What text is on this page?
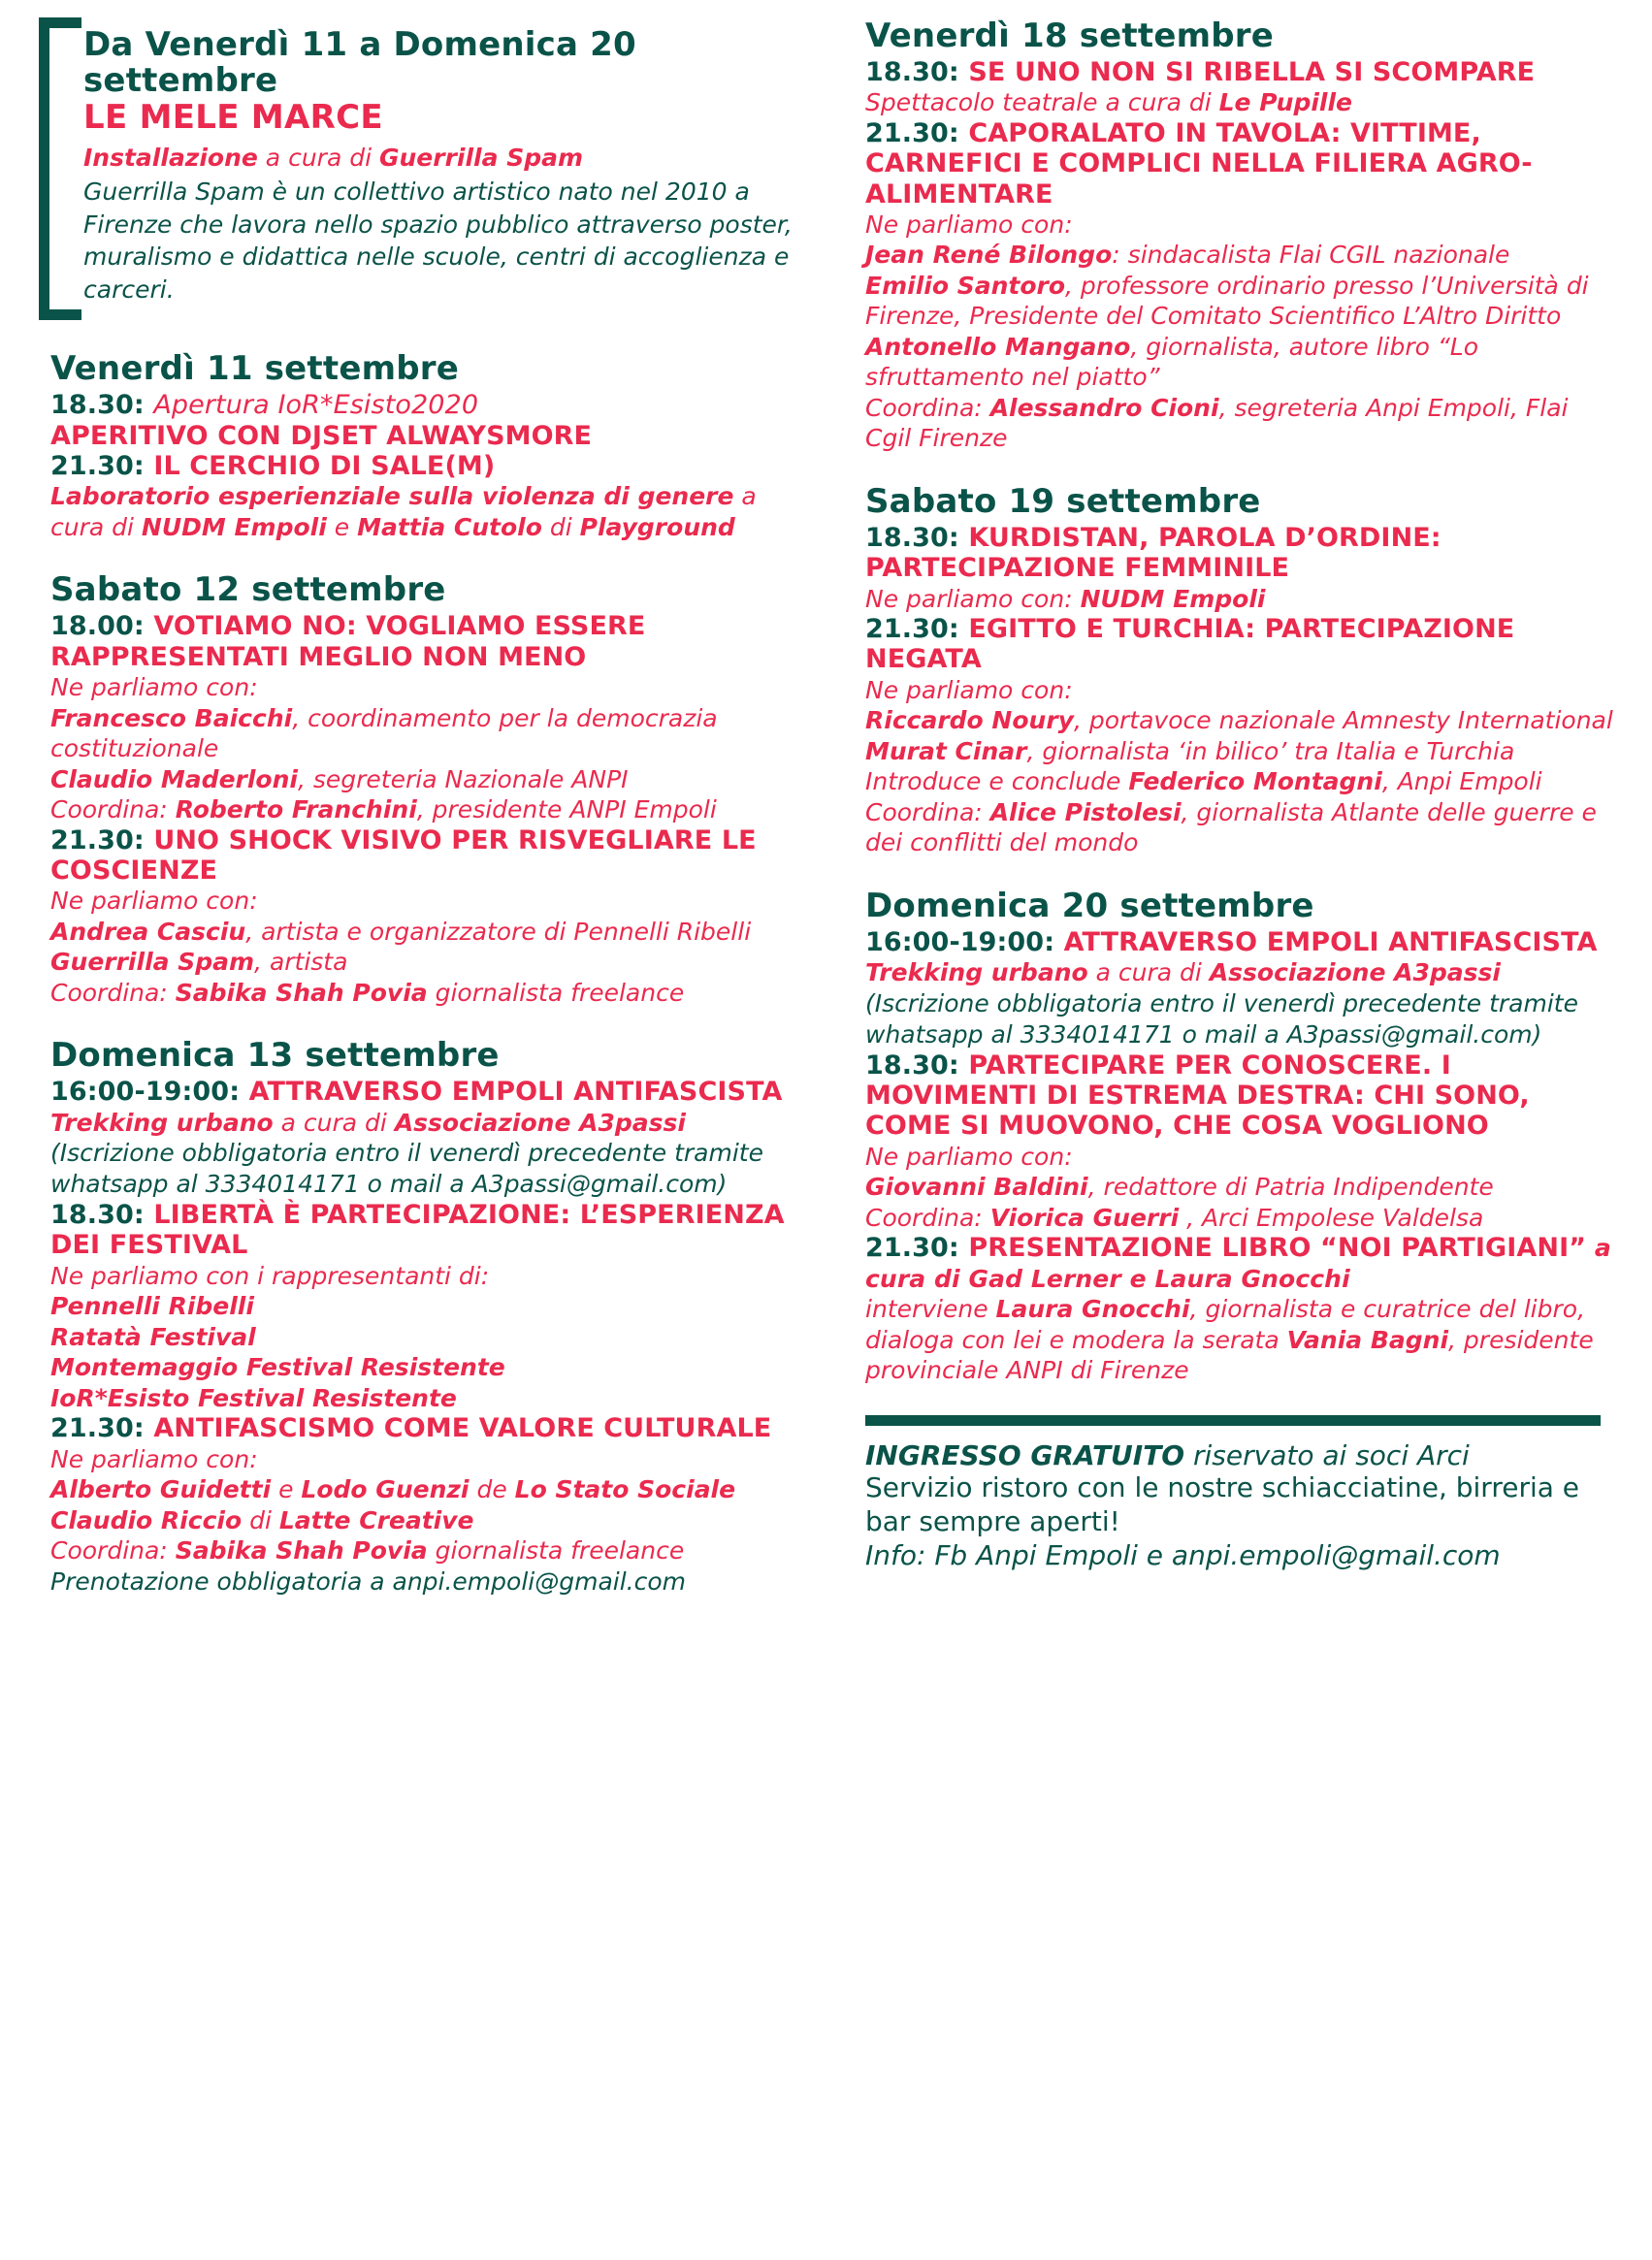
Da Venerdì 11 a Domenica 20 settembre
LE MELE MARCE
Installazione a cura di Guerrilla Spam
Guerrilla Spam è un collettivo artistico nato nel 2010 a Firenze che lavora nello spazio pubblico attraverso poster, muralismo e didattica nelle scuole, centri di accoglienza e carceri.
Venerdì 11 settembre
18.30: Apertura IoR*Esisto2020
APERITIVO CON DJSET ALWAYSMORE
21.30: IL CERCHIO DI SALE(M)
Laboratorio esperienziale sulla violenza di genere a cura di NUDM Empoli e Mattia Cutolo di Playground
Sabato 12 settembre
18.00: VOTIAMO NO: VOGLIAMO ESSERE RAPPRESENTATI MEGLIO NON MENO
Ne parliamo con:
Francesco Baicchi, coordinamento per la democrazia costituzionale
Claudio Maderloni, segreteria Nazionale ANPI
Coordina: Roberto Franchini, presidente ANPI Empoli
21.30: UNO SHOCK VISIVO PER RISVEGLIARE LE COSCIENZE
Ne parliamo con:
Andrea Casciu, artista e organizzatore di Pennelli Ribelli
Guerrilla Spam, artista
Coordina: Sabika Shah Povia giornalista freelance
Domenica 13 settembre
16:00-19:00: ATTRAVERSO EMPOLI ANTIFASCISTA
Trekking urbano a cura di Associazione A3passi
(Iscrizione obbligatoria entro il venerdì precedente tramite whatsapp al 3334014171 o mail a A3passi@gmail.com)
18.30: LIBERTÀ È PARTECIPAZIONE: L’ESPERIENZA DEI FESTIVAL
Ne parliamo con i rappresentanti di:
Pennelli Ribelli
Ratatà Festival
Montemaggio Festival Resistente
IoR*Esisto Festival Resistente
21.30: ANTIFASCISMO COME VALORE CULTURALE
Ne parliamo con:
Alberto Guidetti e Lodo Guenzi de Lo Stato Sociale
Claudio Riccio di Latte Creative
Coordina: Sabika Shah Povia giornalista freelance
Prenotazione obbligatoria a anpi.empoli@gmail.com
Venerdì 18 settembre
18.30: SE UNO NON SI RIBELLA SI SCOMPARE
Spettacolo teatrale a cura di Le Pupille
21.30: CAPORALATO IN TAVOLA: VITTIME, CARNEFICI E COMPLICI NELLA FILIERA AGRO-ALIMENTARE
Ne parliamo con:
Jean René Bilongo: sindacalista Flai CGIL nazionale
Emilio Santoro, professore ordinario presso l’Università di Firenze, Presidente del Comitato Scientifico L’Altro Diritto
Antonello Mangano, giornalista, autore libro “Lo sfruttamento nel piatto”
Coordina: Alessandro Cioni, segreteria Anpi Empoli, Flai Cgil Firenze
Sabato 19 settembre
18.30: KURDISTAN, PAROLA D’ORDINE: PARTECIPAZIONE FEMMINILE
Ne parliamo con: NUDM Empoli
21.30: EGITTO E TURCHIA: PARTECIPAZIONE NEGATA
Ne parliamo con:
Riccardo Noury, portavoce nazionale Amnesty International
Murat Cinar, giornalista ‘in bilico’ tra Italia e Turchia
Introduce e conclude Federico Montagni, Anpi Empoli
Coordina: Alice Pistolesi, giornalista Atlante delle guerre e dei conflitti del mondo
Domenica 20 settembre
16:00-19:00: ATTRAVERSO EMPOLI ANTIFASCISTA
Trekking urbano a cura di Associazione A3passi
(Iscrizione obbligatoria entro il venerdì precedente tramite whatsapp al 3334014171 o mail a A3passi@gmail.com)
18.30: PARTECIPARE PER CONOSCERE. I MOVIMENTI DI ESTREMA DESTRA: CHI SONO, COME SI MUOVONO, CHE COSA VOGLIONO
Ne parliamo con:
Giovanni Baldini, redattore di Patria Indipendente
Coordina: Viorica Guerri , Arci Empolese Valdelsa
21.30: PRESENTAZIONE LIBRO “NOI PARTIGIANI” a cura di Gad Lerner e Laura Gnocchi
interviene Laura Gnocchi, giornalista e curatrice del libro, dialoga con lei e modera la serata Vania Bagni, presidente provinciale ANPI di Firenze
INGRESSO GRATUITO riservato ai soci Arci
Servizio ristoro con le nostre schiacciatine, birreria e bar sempre aperti!
Info: Fb Anpi Empoli e anpi.empoli@gmail.com
